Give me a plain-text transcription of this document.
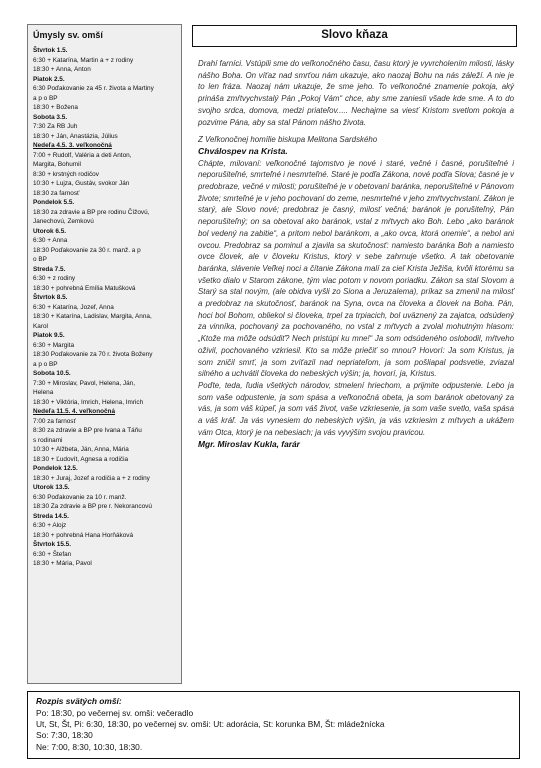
Úmysly sv. omší
Štvrtok 1.5.
6:30 + Katarína, Martin a + z rodiny
18:30 + Anna, Anton
Piatok 2.5.
6:30 Poďakovanie za 45 r. života a Martiny
a p o BP
18:30 + Božena
Sobota 3.5.
7:30 Za RB Juh
18:30 + Ján, Anastázia, Július
Nedeľa 4.5. 3. veľkonočná
7:00 + Rudolf, Valéria a deti Anton,
Margita, Bohumil
8:30 + krstných rodičov
10:30 + Lujza, Gustáv, svokor Ján
18:30 za farnosť
Pondelok 5.5.
18:30 za zdravie a BP pre rodinu Čížovú,
Janechovú, Zemkovú
Utorok 6.5.
6:30 + Anna
18:30 Poďakovanie za 30 r. manž. a p
o BP
Streda 7.5.
6:30 + z rodiny
18:30 + pohrebná Emília Matušková
Štvrtok 8.5.
6:30 + Katarína, Jozef, Anna
18:30 + Katarína, Ladislav, Margita, Anna,
Karol
Piatok 9.5.
6:30 + Margita
18:30 Poďakovanie za 70 r. života Boženy
a p o BP
Sobota 10.5.
7:30 + Miroslav, Pavol, Helena, Ján,
Helena
18:30 + Viktória, Imrich, Helena, Imrich
Nedeľa 11.5. 4. veľkonočná
7:00 za farnosť
8:30 za zdravie a BP pre Ivana a Táňu
s rodinami
10:30 + Alžbeta, Ján, Anna, Mária
18:30 + Ľudovít, Agnesa a rodičia
Pondelok 12.5.
18:30 + Juraj, Jozef a rodičia a + z rodiny
Utorok 13.5.
6:30 Poďakovanie za 10 r. manž.
18:30 Za zdravie a BP pre r. Nekorancovú
Streda 14.5.
6:30 + Alojz
18:30 + pohrebná Hana Horňáková
Štvrtok 15.5.
6:30 + Štefan
18:30 + Mária, Pavol
Slovo kňaza

Drahí farníci. Vstúpili sme do veľkonočného času, času ktorý je vyvrcholením milosti, lásky nášho Boha. On víťaz nad smrťou nám ukazuje, ako naozaj Bohu na nás záleží. A nie je to len fráza. Naozaj nám ukazuje, že sme jeho. To veľkonočné znamenie pokoja, aký prináša zmŕtvychvstalý Pán „Pokoj Vám“ chce, aby sme zaniesli všade kde sme. A to do svojho srdca, domova, medzi priateľov..... Nechajme sa viesť Kristom svetlom pokoja a pozvime Pána, aby sa stal Pánom nášho života.

Z Veľkonočnej homílie biskupa Melitona Sardského

Chválospev na Krista.

Chápte, milovaní: veľkonočné tajomstvo je nové i staré, večné i časné, porušiteľné i neporušiteľné, smrteľné i nesmrteľné. Staré je podľa Zákona, nové podľa Slova; časné je v predobraze, večné v milosti; porušiteľné je v obetovaní baránka, neporušiteľné v Pánovom živote; smrteľné je v jeho pochovaní do zeme, nesmrteľné v jeho zmŕtvychvstaní. Zákon je starý, ale Slovo nové; predobraz je časný, milosť večná; baránok je porušiteľný, Pán neporušiteľný; on sa obetoval ako baránok, vstal z mŕtvych ako Boh. Lebo „ako baránok bol vedený na zabitie“, a pritom nebol baránkom, a „ako ovca, ktorá onemie“, a nebol ani ovcou. Predobraz sa pominul a zjavila sa skutočnosť: namiesto baránka Boh a namiesto ovce človek, ale v človeku Kristus, ktorý v sebe zahrnuje všetko. A tak obetovanie baránka, slávenie Veľkej noci a čítanie Zákona malí za cieľ Krista Ježiša, kvôli ktorému sa všetko dialo v Starom zákone, tým viac potom v novom poriadku. Zákon sa stal Slovom a Starý sa stal novým, (ale obidva vyšli zo Siona a Jeruzalema), príkaz sa zmenil na milosť a predobraz na skutočnosť, baránok na Syna, ovca na človeka a človek na Boha. Pán, hoci bol Bohom, obliekol si človeka, trpel za trpiacich, bol uväznený za zajatca, odsúdený za vinníka, pochovaný za pochovaného, no vstal z mŕtvych a zvolal mohutným hlasom: „Ktože ma môže odsúdiť? Nech pristúpi ku mne!“ Ja som odsúdeného oslobodil, mŕtveho oživil, pochovaného vzkriesil. Kto sa môže priečiť so mnou? Hovorí: Ja som Kristus, ja som zničil smrť, ja som zvíťazil nad nepriateľom, ja som pošliapal podsvetie, zviazal silného a uchvátil človeka do nebeských výšin; ja, hovorí, ja, Kristus.

Poďte, teda, ľudia všetkých národov, stmelení hriechom, a prijmite odpustenie. Lebo ja som vaše odpustenie, ja som spása a veľkonočná obeta, ja som baránok obetovaný za vás, ja som váš kúpeľ, ja som váš život, vaše vzkriesenie, ja som vaše svetlo, vaša spása a váš kráľ. Ja vás vynesiem do nebeských výšin, ja vás vzkriesim z mŕtvych a ukážem vám Otca, ktorý je na nebesiach; ja vás vyvýšim svojou pravicou.

Mgr. Miroslav Kukla, farár

Rozpis svätých omší:
Po: 18:30, po večernej sv. omši: večeradlo
Ut, St, Št, Pi: 6:30, 18:30, po večernej sv. omši: Ut: adorácia, St: korunka BM, Št: mládežnícka
So: 7:30, 18:30
Ne: 7:00, 8:30, 10:30, 18:30.
